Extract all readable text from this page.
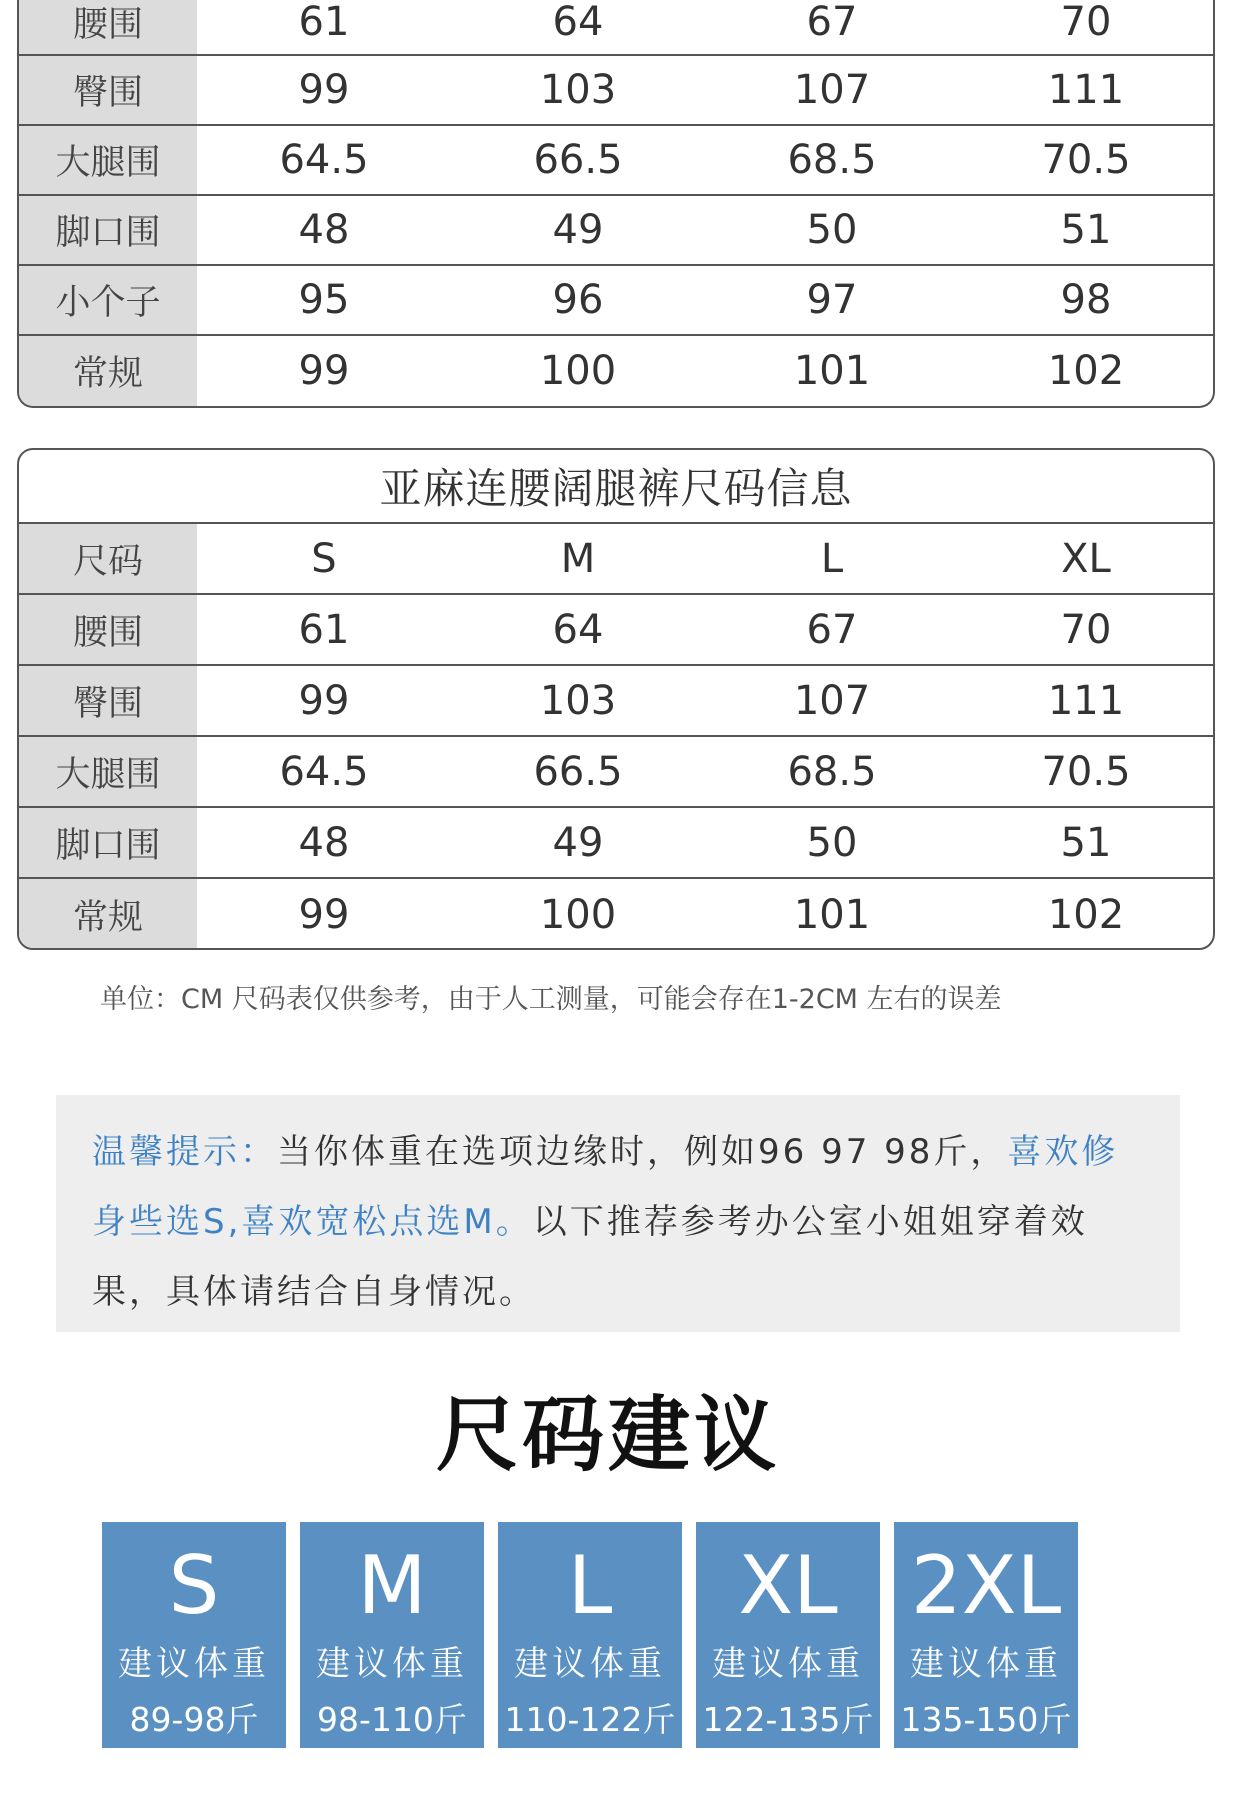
腰围	61	64	67	70
臀围	99	103	107	111
大腿围	64.5	66.5	68.5	70.5
脚口围	48	49	50	51
小个子	95	96	97	98
常规	99	100	101	102
亚麻连腰阔腿裤尺码信息
尺码	S	M	L	XL
腰围	61	64	67	70
臀围	99	103	107	111
大腿围	64.5	66.5	68.5	70.5
脚口围	48	49	50	51
常规	99	100	101	102
单位：CM 尺码表仅供参考，由于人工测量，可能会存在1-2CM 左右的误差
温馨提示：当你体重在选项边缘时，例如96 97 98斤，喜欢修身些选S,喜欢宽松点选M。以下推荐参考办公室小姐姐穿着效果，具体请结合自身情况。
尺码建议
S
建议体重
89-98斤
M
建议体重
98-110斤
L
建议体重
110-122斤
XL
建议体重
122-135斤
2XL
建议体重
135-150斤
